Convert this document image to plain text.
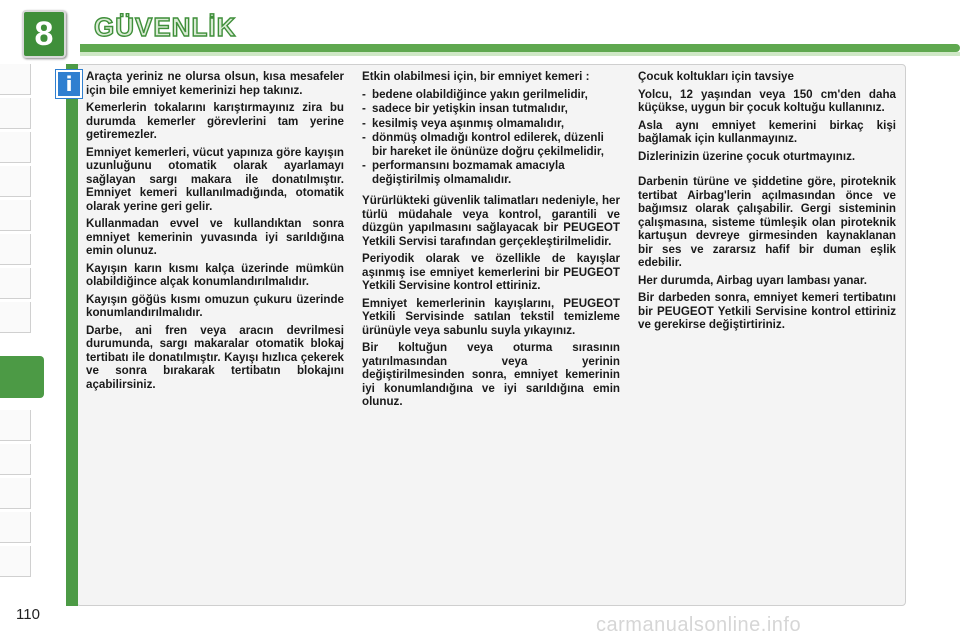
8	GÜVENLİK
i	Araçta yeriniz ne olursa olsun, kısa mesafeler için bile emniyet kemerinizi hep takınız.

Kemerlerin tokalarını karıştırmayınız zira bu durumda kemerler görevlerini tam yerine getiremezler.

Emniyet kemerleri, vücut yapınıza göre kayışın uzunluğunu otomatik olarak ayarlamayı sağlayan sargı makara ile donatılmıştır. Emniyet kemeri kullanılmadığında, otomatik olarak yerine geri gelir.

Kullanmadan evvel ve kullandıktan sonra emniyet kemerinin yuvasında iyi sarıldığına emin olunuz.

Kayışın karın kısmı kalça üzerinde mümkün olabildiğince alçak konumlandırılmalıdır.

Kayışın göğüs kısmı omuzun çukuru üzerinde konumlandırılmalıdır.

Darbe, ani fren veya aracın devrilmesi durumunda, sargı makaralar otomatik blokaj tertibatı ile donatılmıştır. Kayışı hızlıca çekerek ve sonra bırakarak tertibatın blokajını açabilirsiniz.

Etkin olabilmesi için, bir emniyet kemeri :

- bedene olabildiğince yakın gerilmelidir,
- sadece bir yetişkin insan tutmalıdır,
- kesilmiş veya aşınmış olmamalıdır,
- dönmüş olmadığı kontrol edilerek, düzenli bir hareket ile önünüze doğru çekilmelidir,
- performansını bozmamak amacıyla değiştirilmiş olmamalıdır.

Yürürlükteki güvenlik talimatları nedeniyle, her türlü müdahale veya kontrol, garantili ve düzgün yapılmasını sağlayacak bir PEUGEOT Yetkili Servisi tarafından gerçekleştirilmelidir.

Periyodik olarak ve özellikle de kayışlar aşınmış ise emniyet kemerlerini bir PEUGEOT Yetkili Servisine kontrol ettiriniz.

Emniyet kemerlerinin kayışlarını, PEUGEOT Yetkili Servisinde satılan tekstil temizleme ürünüyle veya sabunlu suyla yıkayınız.

Bir koltuğun veya oturma sırasının yatırılmasından veya yerinin değiştirilmesinden sonra, emniyet kemerinin iyi konumlandığına ve iyi sarıldığına emin olunuz.

Çocuk koltukları için tavsiye

Yolcu, 12 yaşından veya 150 cm'den daha küçükse, uygun bir çocuk koltuğu kullanınız.

Asla aynı emniyet kemerini birkaç kişi bağlamak için kullanmayınız.

Dizlerinizin üzerine çocuk oturtmayınız.

Darbenin türüne ve şiddetine göre, piroteknik tertibat Airbag'lerin açılmasından önce ve bağımsız olarak çalışabilir. Gergi sisteminin çalışmasına, sisteme tümleşik olan piroteknik kartuşun devreye girmesinden kaynaklanan bir ses ve zararsız hafif bir duman eşlik edebilir.

Her durumda, Airbag uyarı lambası yanar.

Bir darbeden sonra, emniyet kemeri tertibatını bir PEUGEOT Yetkili Servisine kontrol ettiriniz ve gerekirse değiştirtiriniz.

110	carmanualsonline.info
